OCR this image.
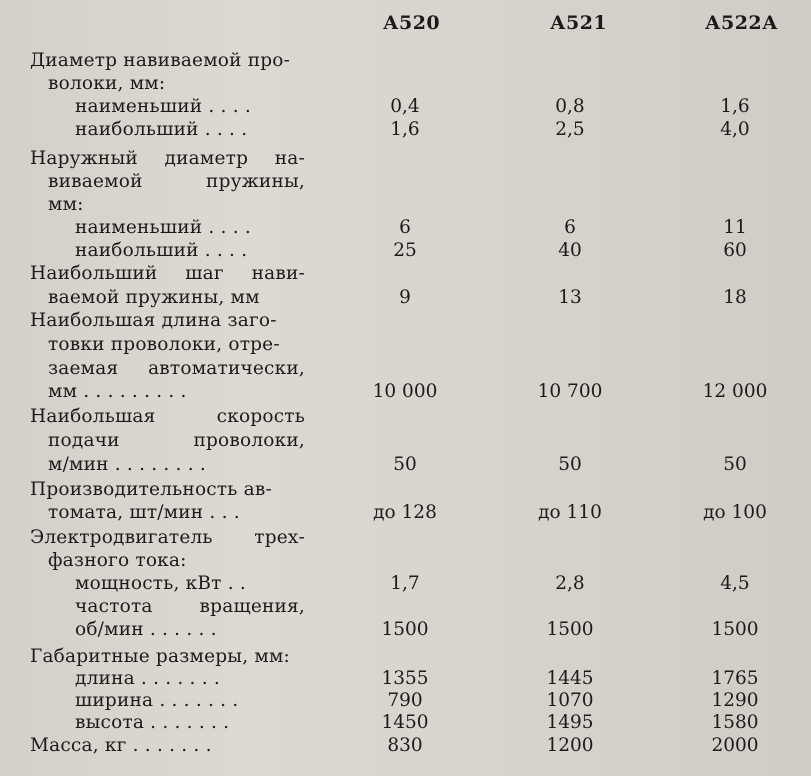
А520	А521	А522А
Диаметр навиваемой про-
волоки, мм:
наименьший . . . .	0,4	0,8	1,6
наибольший . . . .	1,6	2,5	4,0
Наружный диаметр на-
виваемой пружины,
мм:
наименьший . . . .	6	6	11
наибольший . . . .	25	40	60
Наибольший шаг нави-
ваемой пружины, мм	9	13	18
Наибольшая длина заго-
товки проволоки, отре-
заемая автоматически,
мм . . . . . . . . .	10 000	10 700	12 000
Наибольшая скорость
подачи проволоки,
м/мин . . . . . . . .	50	50	50
Производительность ав-
томата, шт/мин . . .	до 128	до 110	до 100
Электродвигатель трех-
фазного тока:
мощность, кВт . .	1,7	2,8	4,5
частота вращения,
об/мин . . . . . .	1500	1500	1500
Габаритные размеры, мм:
длина . . . . . . .	1355	1445	1765
ширина . . . . . . .	790	1070	1290
высота . . . . . . .	1450	1495	1580
Масса, кг . . . . . . .	830	1200	2000
